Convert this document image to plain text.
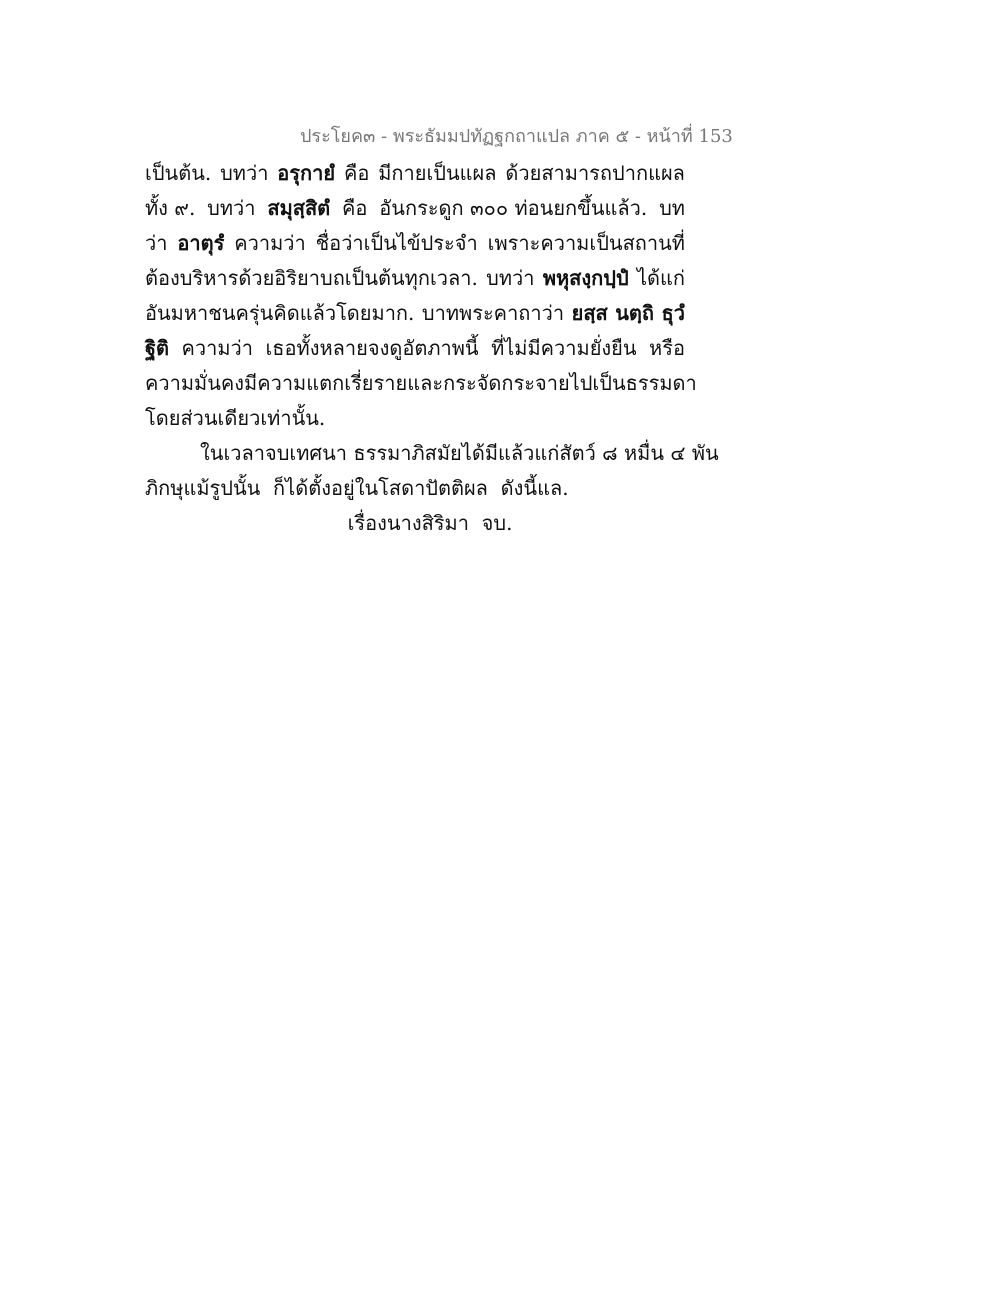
ประโยค๓ - พระธัมมปทัฏฐกถาแปล ภาค ๕ - หน้าที่ 153
เป็นต้น. บทว่า อรุกายํ คือ มีกายเป็นแผล ด้วยสามารถปากแผล
ทั้ง ๙. บทว่า สมุสฺสิตํ คือ อันกระดูก ๓๐๐ ท่อนยกขึ้นแล้ว. บท
ว่า อาตุรํ ความว่า ชื่อว่าเป็นไข้ประจำ เพราะความเป็นสถานที่
ต้องบริหารด้วยอิริยาบถเป็นต้นทุกเวลา. บทว่า พหุสงฺกปฺปํ ได้แก่
อันมหาชนครุ่นคิดแล้วโดยมาก. บาทพระคาถาว่า ยสฺส นตฺถิ ธุวํ
ฐิติ ความว่า เธอทั้งหลายจงดูอัตภาพนี้ ที่ไม่มีความยั่งยืน หรือ
ความมั่นคง มีความแตกเรี่ยรายและกระจัดกระจายไปเป็นธรรมดา
โดยส่วนเดียวเท่านั้น.
ในเวลาจบเทศนา ธรรมาภิสมัยได้มีแล้วแก่สัตว์ ๘ หมื่น ๔ พัน
ภิกษุแม้รูปนั้น  ก็ได้ตั้งอยู่ในโสดาปัตติผล  ดังนี้แล.
เรื่องนางสิริมา  จบ.
